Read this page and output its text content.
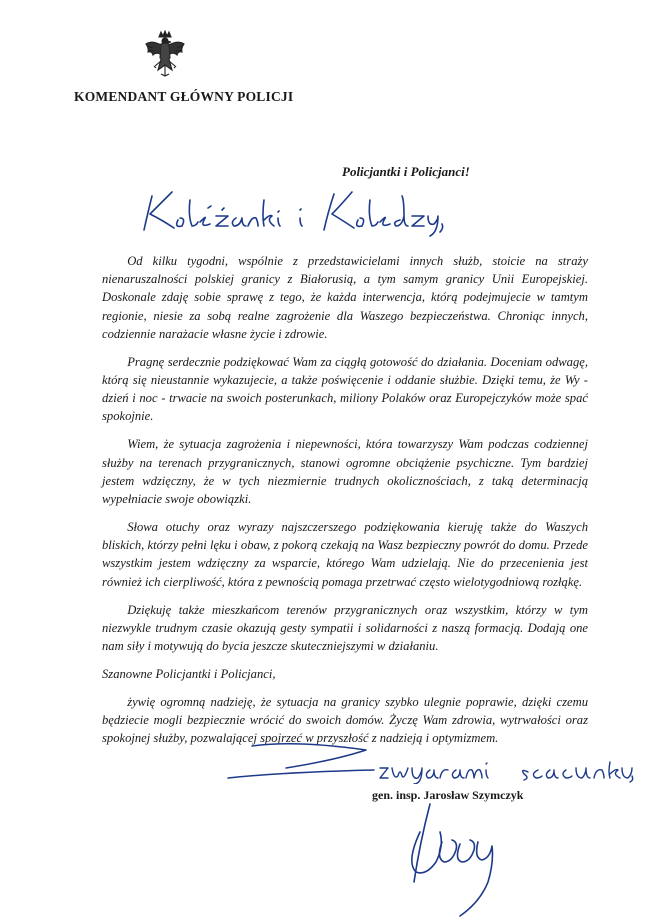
KOMENDANT GŁÓWNY POLICJI
Policjantki i Policjanci!

Od kilku tygodni, wspólnie z przedstawicielami innych służb, stoicie na straży nienaruszalności polskiej granicy z Białorusią, a tym samym granicy Unii Europejskiej. Doskonale zdaję sobie sprawę z tego, że każda interwencja, którą podejmujecie w tamtym regionie, niesie za sobą realne zagrożenie dla Waszego bezpieczeństwa. Chroniąc innych, codziennie narażacie własne życie i zdrowie.

Pragnę serdecznie podziękować Wam za ciągłą gotowość do działania. Doceniam odwagę, którą się nieustannie wykazujecie, a także poświęcenie i oddanie służbie. Dzięki temu, że Wy - dzień i noc - trwacie na swoich posterunkach, miliony Polaków oraz Europejczyków może spać spokojnie.

Wiem, że sytuacja zagrożenia i niepewności, która towarzyszy Wam podczas codziennej służby na terenach przygranicznych, stanowi ogromne obciążenie psychiczne. Tym bardziej jestem wdzięczny, że w tych niezmiernie trudnych okolicznościach, z taką determinacją wypełniacie swoje obowiązki.

Słowa otuchy oraz wyrazy najszczerszego podziękowania kieruję także do Waszych bliskich, którzy pełni lęku i obaw, z pokorą czekają na Wasz bezpieczny powrót do domu. Przede wszystkim jestem wdzięczny za wsparcie, którego Wam udzielają. Nie do przecenienia jest również ich cierpliwość, która z pewnością pomaga przetrwać często wielotygodniową rozłąkę.

Dziękuję także mieszkańcom terenów przygranicznych oraz wszystkim, którzy w tym niezwykle trudnym czasie okazują gesty sympatii i solidarności z naszą formacją. Dodają one nam siły i motywują do bycia jeszcze skuteczniejszymi w działaniu.

Szanowne Policjantki i Policjanci,

żywię ogromną nadzieję, że sytuacja na granicy szybko ulegnie poprawie, dzięki czemu będziecie mogli bezpiecznie wrócić do swoich domów. Życzę Wam zdrowia, wytrwałości oraz spokojnej służby, pozwalającej spojrzeć w przyszłość z nadzieją i optymizmem.

gen. insp. Jarosław Szymczyk
